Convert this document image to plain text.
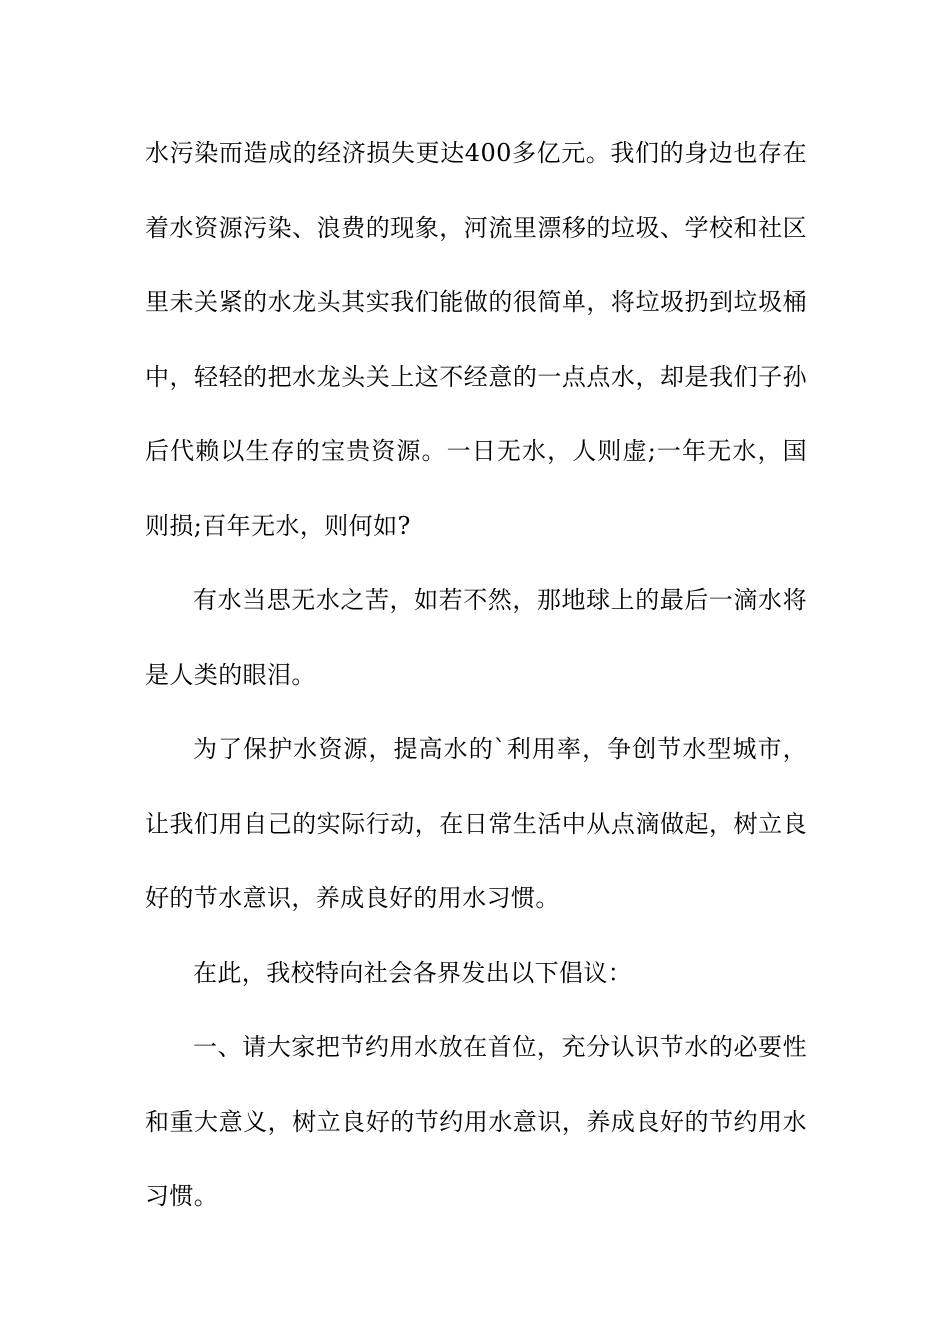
水污染而造成的经济损失更达400多亿元。我们的身边也存在着水资源污染、浪费的现象，河流里漂移的垃圾、学校和社区里未关紧的水龙头其实我们能做的很简单，将垃圾扔到垃圾桶中，轻轻的把水龙头关上这不经意的一点点水，却是我们子孙后代赖以生存的宝贵资源。一日无水，人则虚;一年无水，国则损;百年无水，则何如?

有水当思无水之苦，如若不然，那地球上的最后一滴水将是人类的眼泪。

为了保护水资源，提高水的`利用率，争创节水型城市，让我们用自己的实际行动，在日常生活中从点滴做起，树立良好的节水意识，养成良好的用水习惯。

在此，我校特向社会各界发出以下倡议：

一、请大家把节约用水放在首位，充分认识节水的必要性和重大意义，树立良好的节约用水意识，养成良好的节约用水习惯。
